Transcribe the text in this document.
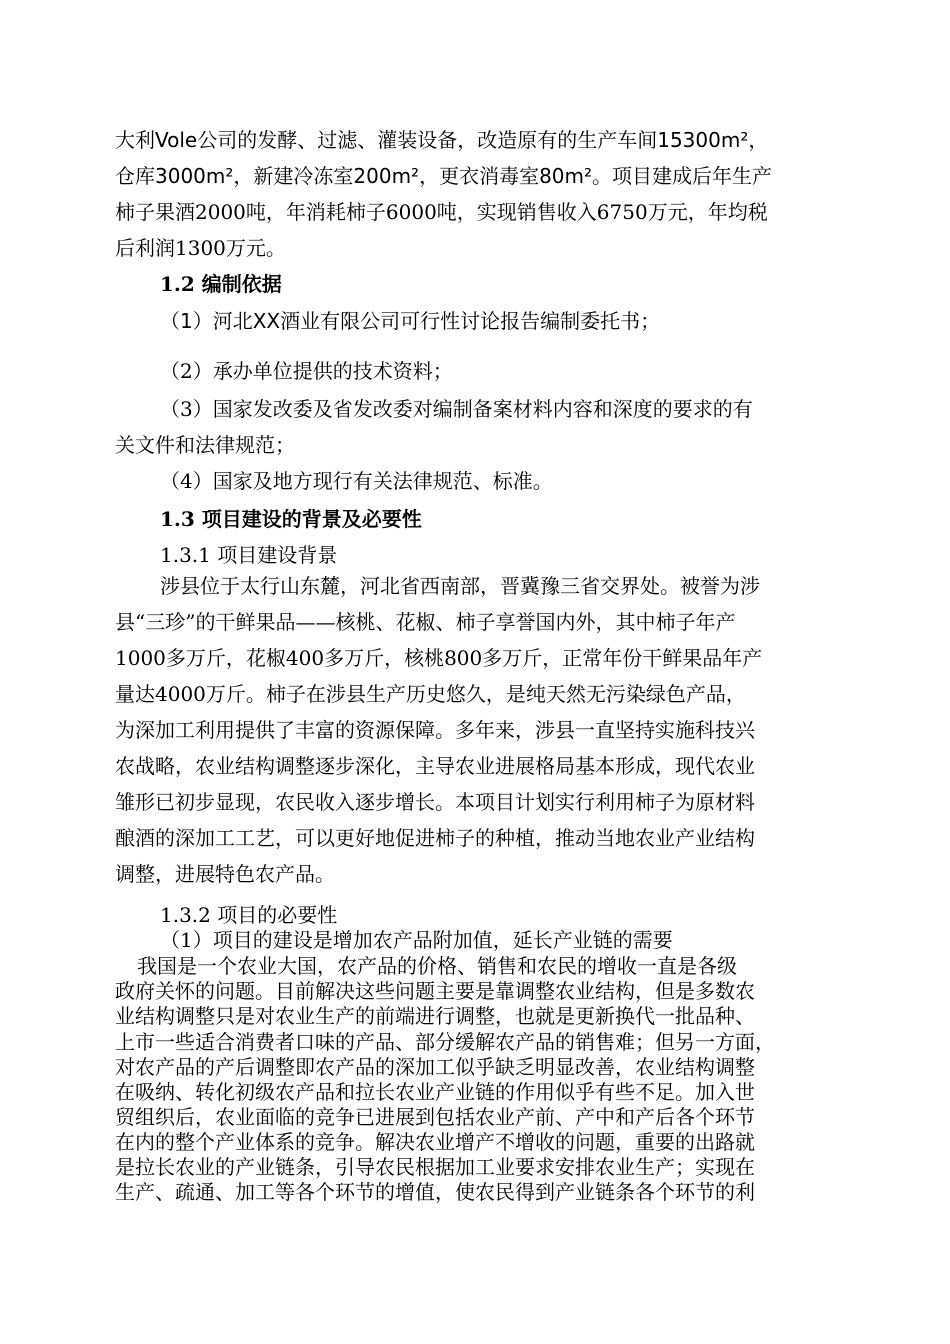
大利Vole公司的发酵、过滤、灌装设备，改造原有的生产车间15300m²，
仓库3000m²，新建冷冻室200m²，更衣消毒室80m²。项目建成后年生产
柿子果酒2000吨，年消耗柿子6000吨，实现销售收入6750万元，年均税
后利润1300万元。
1.2 编制依据
（1）河北XX酒业有限公司可行性讨论报告编制委托书；
（2）承办单位提供的技术资料；
（3）国家发改委及省发改委对编制备案材料内容和深度的要求的有
关文件和法律规范；
（4）国家及地方现行有关法律规范、标准。
1.3 项目建设的背景及必要性
1.3.1 项目建设背景
涉县位于太行山东麓，河北省西南部，晋冀豫三省交界处。被誉为涉
县“三珍”的干鲜果品——核桃、花椒、柿子享誉国内外，其中柿子年产
1000多万斤，花椒400多万斤，核桃800多万斤，正常年份干鲜果品年产
量达4000万斤。柿子在涉县生产历史悠久，是纯天然无污染绿色产品，
为深加工利用提供了丰富的资源保障。多年来，涉县一直坚持实施科技兴
农战略，农业结构调整逐步深化，主导农业进展格局基本形成，现代农业
雏形已初步显现，农民收入逐步增长。本项目计划实行利用柿子为原材料
酿酒的深加工工艺，可以更好地促进柿子的种植，推动当地农业产业结构
调整，进展特色农产品。
1.3.2 项目的必要性
（1）项目的建设是增加农产品附加值，延长产业链的需要
我国是一个农业大国，农产品的价格、销售和农民的增收一直是各级
政府关怀的问题。目前解决这些问题主要是靠调整农业结构，但是多数农
业结构调整只是对农业生产的前端进行调整，也就是更新换代一批品种、
上市一些适合消费者口味的产品、部分缓解农产品的销售难；但另一方面，
对农产品的产后调整即农产品的深加工似乎缺乏明显改善，农业结构调整
在吸纳、转化初级农产品和拉长农业产业链的作用似乎有些不足。加入世
贸组织后，农业面临的竞争已进展到包括农业产前、产中和产后各个环节
在内的整个产业体系的竞争。解决农业增产不增收的问题，重要的出路就
是拉长农业的产业链条，引导农民根据加工业要求安排农业生产；实现在
生产、疏通、加工等各个环节的增值，使农民得到产业链条各个环节的利
